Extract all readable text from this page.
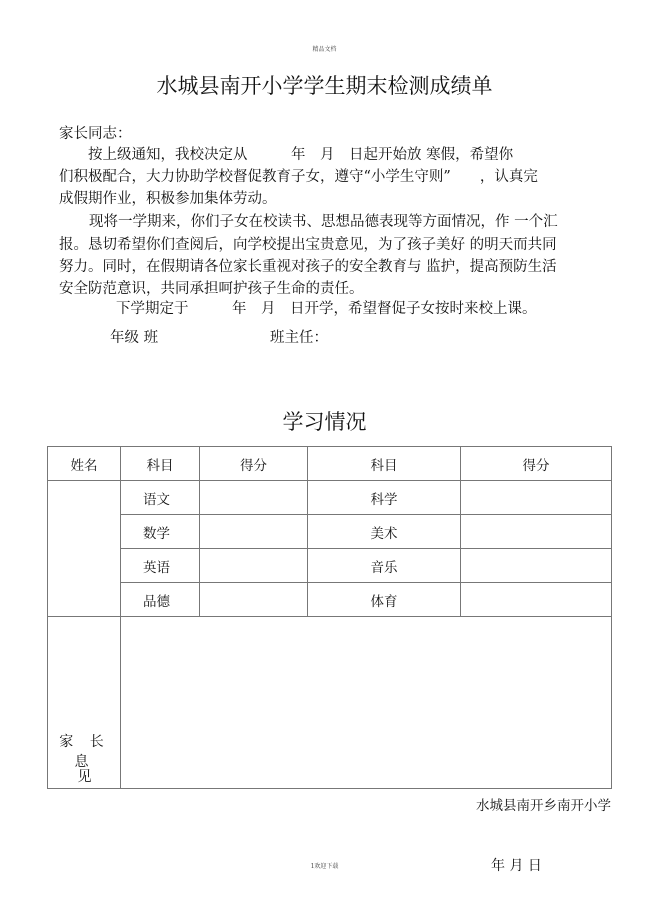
精品文档
水城县南开小学学生期末检测成绩单
家长同志：
按上级通知，我校决定从　　　年　月　日起开始放 寒假，希望你
们积极配合，大力协助学校督促教育子女，遵守“小学生守则”　　，认真完
成假期作业，积极参加集体劳动。
现将一学期来，你们子女在校读书、思想品德表现等方面情况，作 一个汇
报。恳切希望你们查阅后，向学校提出宝贵意见，为了孩子美好 的明天而共同
努力。同时，在假期请各位家长重视对孩子的安全教育与 监护，提高预防生活
安全防范意识，共同承担呵护孩子生命的责任。
下学期定于　　　年　月　日开学，希望督促子女按时来校上课。
年级 班	班主任：
学习情况
姓名	科目	得分	科目	得分
	语文		科学	
	数学		美术	
	英语		音乐	
	品德		体育	

家 长 息
见				

水城县南开乡南开小学
1欢迎下载	年 月 日
